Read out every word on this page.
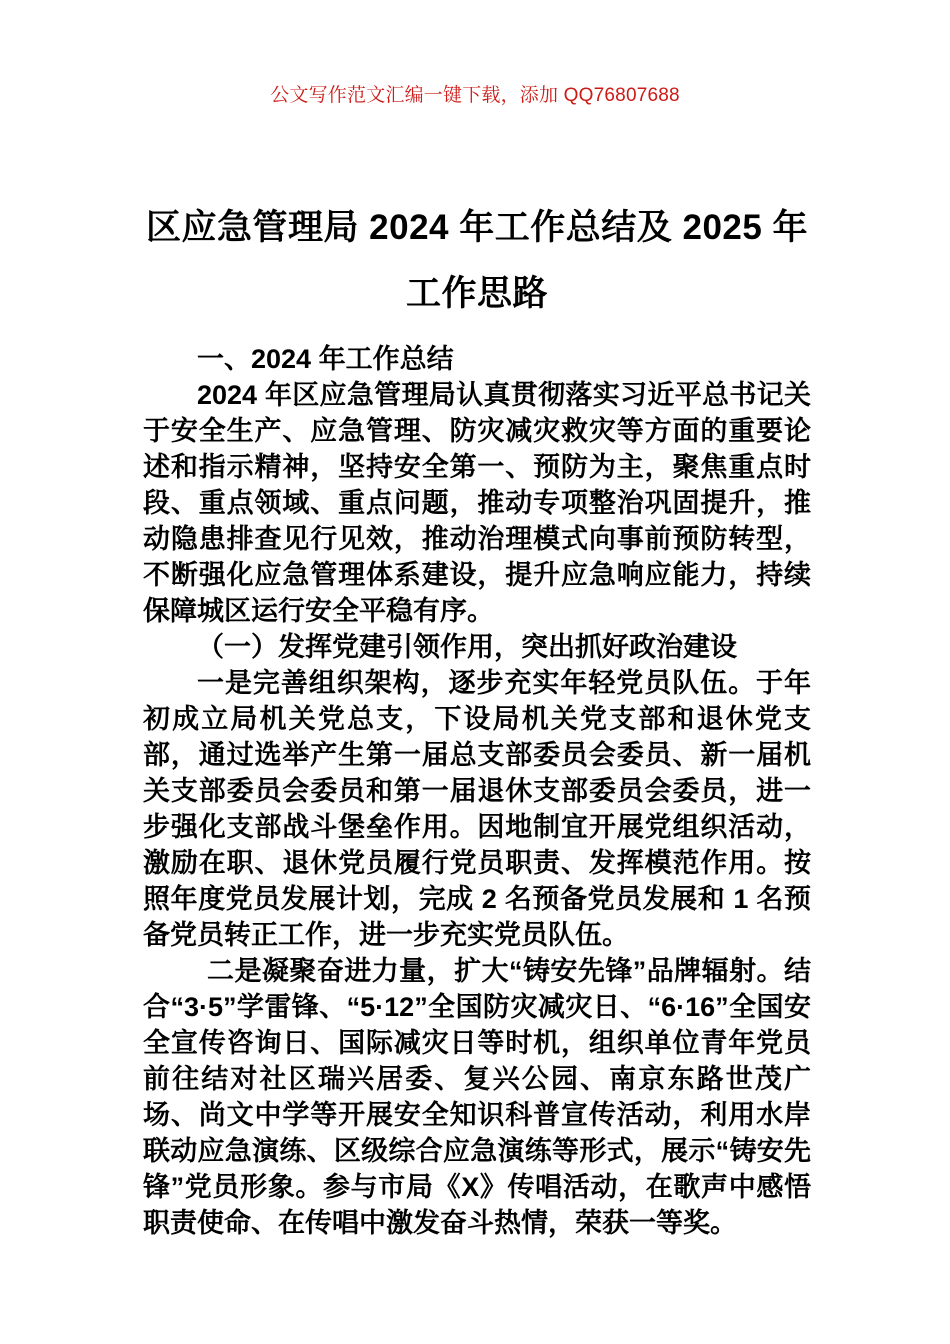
公文写作范文汇编一键下载，添加 QQ76807688
区应急管理局 2024 年工作总结及 2025 年工作思路

一、2024 年工作总结

2024 年区应急管理局认真贯彻落实习近平总书记关于安全生产、应急管理、防灾减灾救灾等方面的重要论述和指示精神，坚持安全第一、预防为主，聚焦重点时段、重点领域、重点问题，推动专项整治巩固提升，推动隐患排查见行见效，推动治理模式向事前预防转型，不断强化应急管理体系建设，提升应急响应能力，持续保障城区运行安全平稳有序。

（一）发挥党建引领作用，突出抓好政治建设

一是完善组织架构，逐步充实年轻党员队伍。于年初成立局机关党总支，下设局机关党支部和退休党支部，通过选举产生第一届总支部委员会委员、新一届机关支部委员会委员和第一届退休支部委员会委员，进一步强化支部战斗堡垒作用。因地制宜开展党组织活动，激励在职、退休党员履行党员职责、发挥模范作用。按照年度党员发展计划，完成 2 名预备党员发展和 1 名预备党员转正工作，进一步充实党员队伍。

二是凝聚奋进力量，扩大“铸安先锋”品牌辐射。结合“3·5”学雷锋、“5·12”全国防灾减灾日、“6·16”全国安全宣传咨询日、国际减灾日等时机，组织单位青年党员前往结对社区瑞兴居委、复兴公园、南京东路世茂广场、尚文中学等开展安全知识科普宣传活动，利用水岸联动应急演练、区级综合应急演练等形式，展示“铸安先锋”党员形象。参与市局《X》传唱活动，在歌声中感悟职责使命、在传唱中激发奋斗热情，荣获一等奖。
